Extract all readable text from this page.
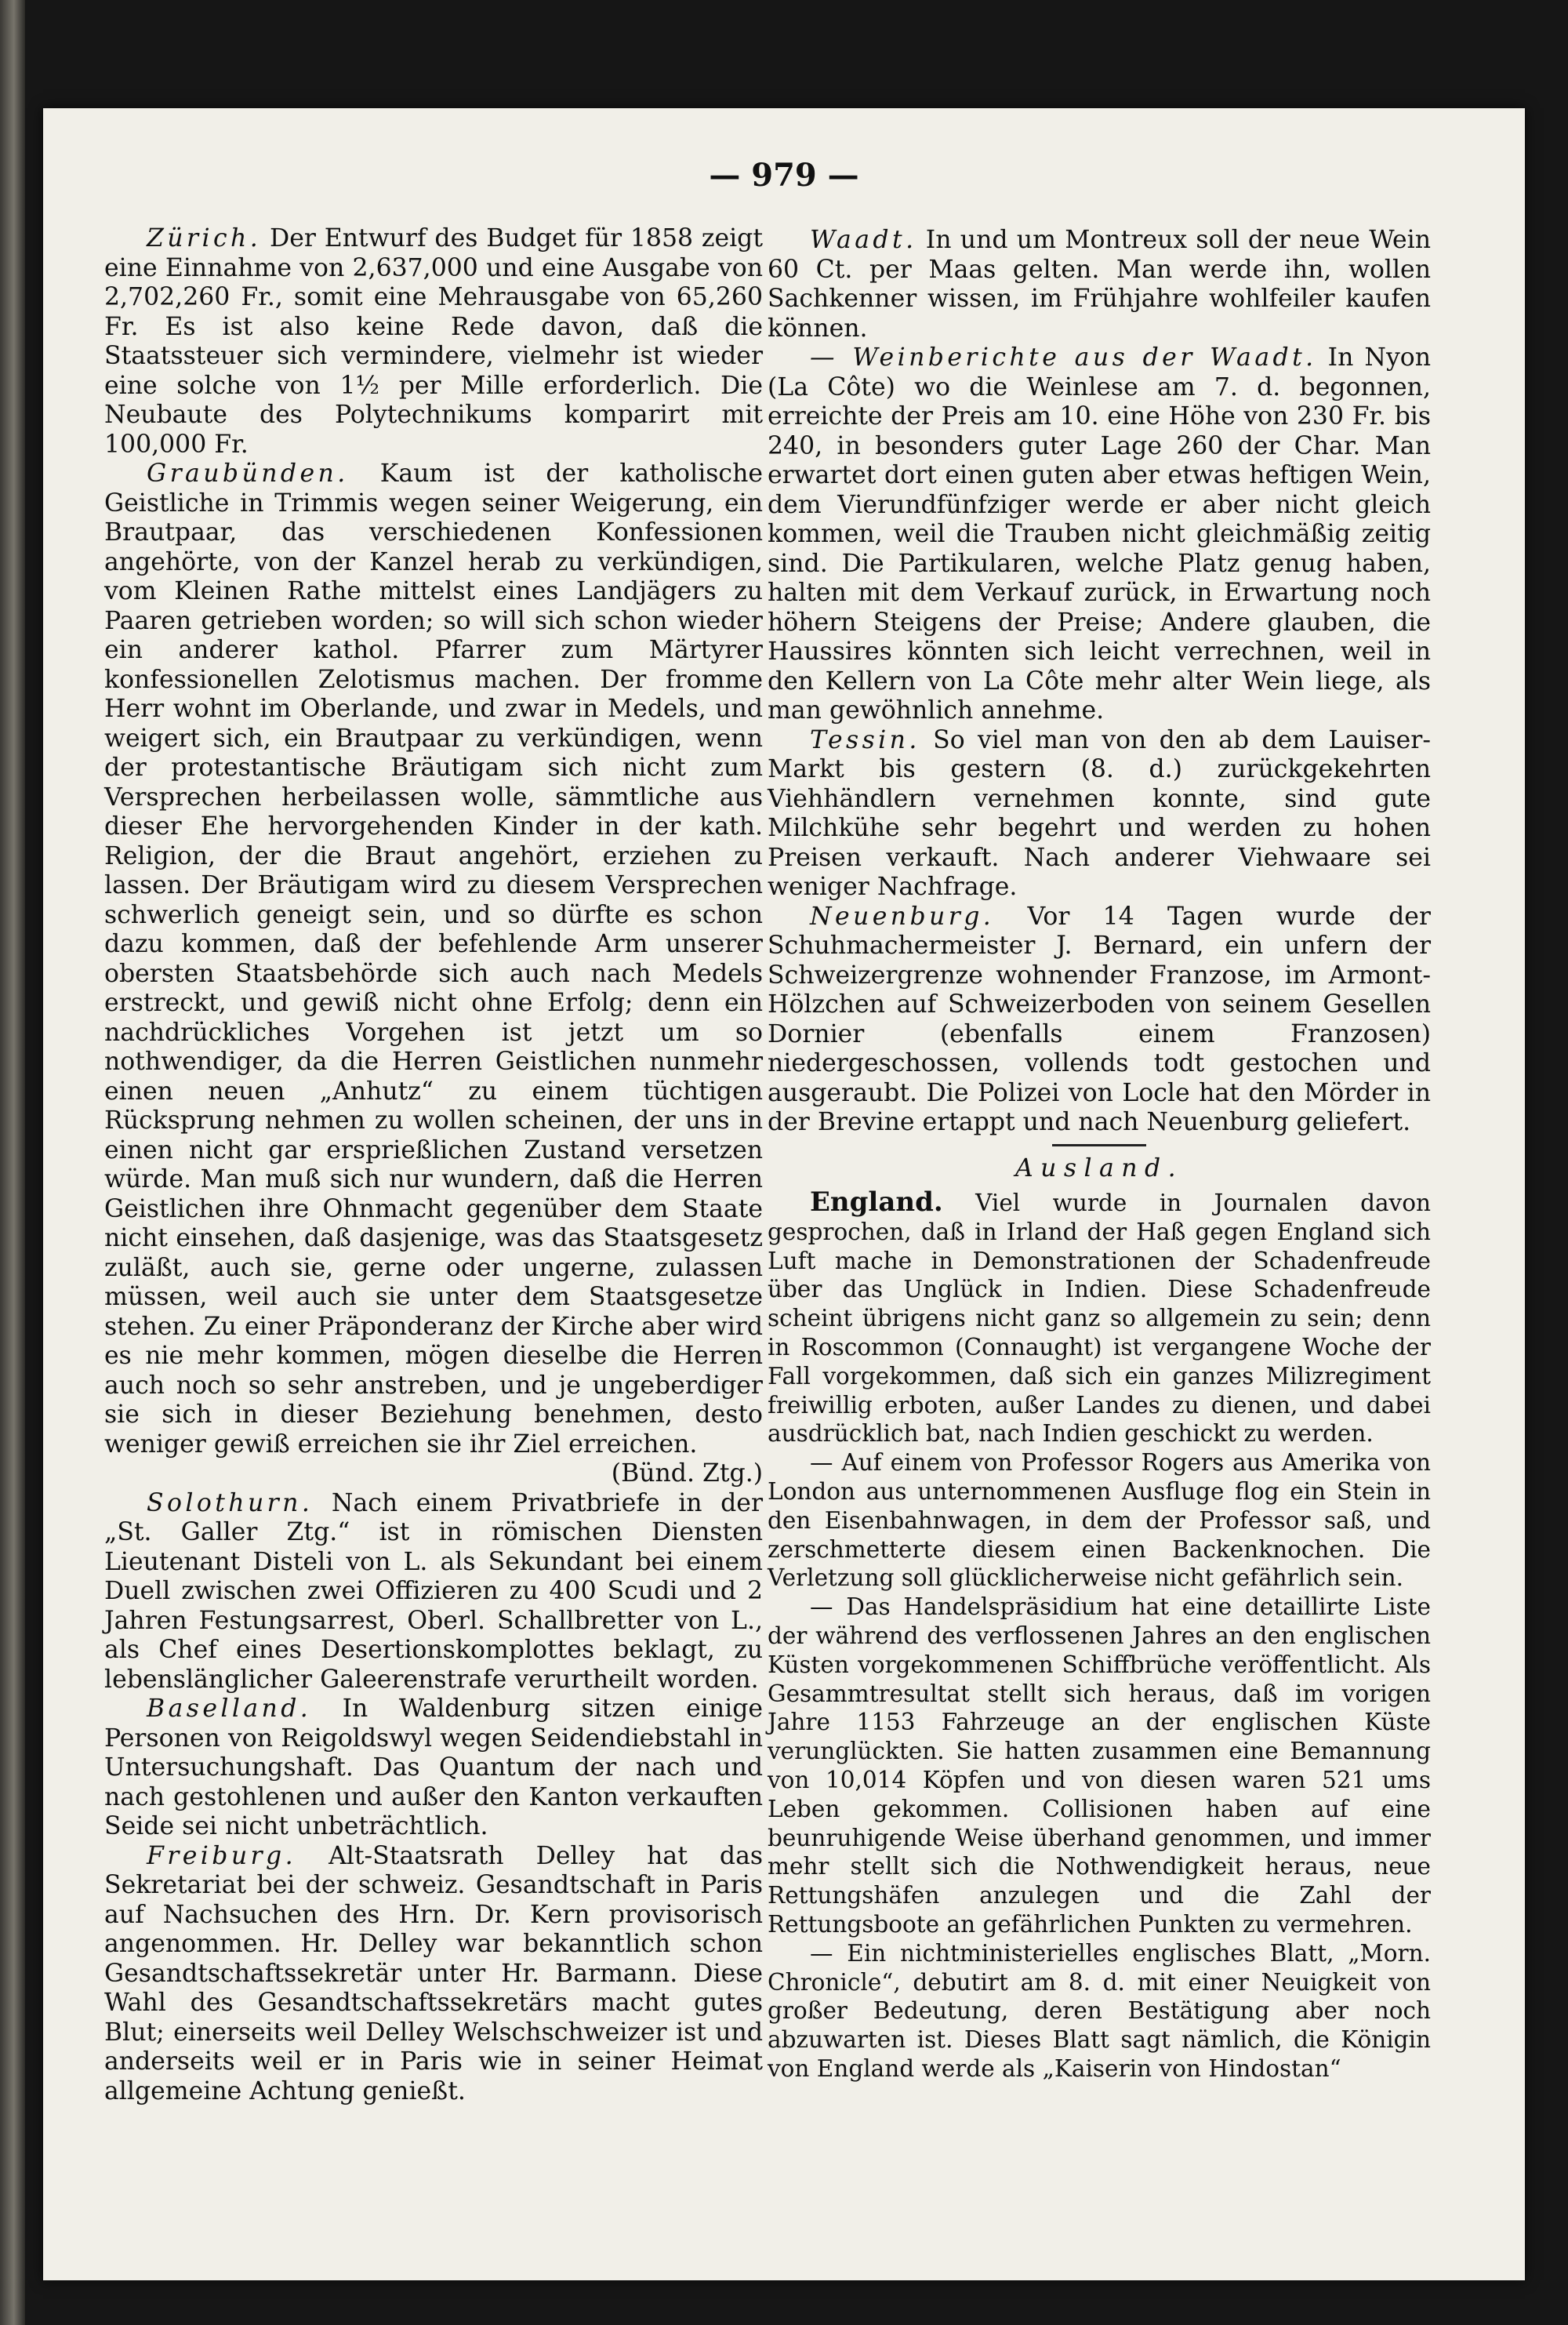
— 979 —

Zürich. Der Entwurf des Budget für 1858 zeigt eine Einnahme von 2,637,000 und eine Ausgabe von 2,702,260 Fr., somit eine Mehrausgabe von 65,260 Fr. Es ist also keine Rede davon, daß die Staatssteuer sich vermindere, vielmehr ist wieder eine solche von 1½ per Mille erforderlich. Die Neubaute des Polytechnikums komparirt mit 100,000 Fr.

Graubünden. Kaum ist der katholische Geistliche in Trimmis wegen seiner Weigerung, ein Brautpaar, das verschiedenen Konfessionen angehörte, von der Kanzel herab zu verkündigen, vom Kleinen Rathe mittelst eines Landjägers zu Paaren getrieben worden; so will sich schon wieder ein anderer kathol. Pfarrer zum Märtyrer konfessionellen Zelotismus machen. Der fromme Herr wohnt im Oberlande, und zwar in Medels, und weigert sich, ein Brautpaar zu verkündigen, wenn der protestantische Bräutigam sich nicht zum Versprechen herbeilassen wolle, sämmtliche aus dieser Ehe hervorgehenden Kinder in der kath. Religion, der die Braut angehört, erziehen zu lassen. Der Bräutigam wird zu diesem Versprechen schwerlich geneigt sein, und so dürfte es schon dazu kommen, daß der befehlende Arm unserer obersten Staatsbehörde sich auch nach Medels erstreckt, und gewiß nicht ohne Erfolg; denn ein nachdrückliches Vorgehen ist jetzt um so nothwendiger, da die Herren Geistlichen nunmehr einen neuen „Anhutz“ zu einem tüchtigen Rücksprung nehmen zu wollen scheinen, der uns in einen nicht gar ersprießlichen Zustand versetzen würde. Man muß sich nur wundern, daß die Herren Geistlichen ihre Ohnmacht gegenüber dem Staate nicht einsehen, daß dasjenige, was das Staatsgesetz zuläßt, auch sie, gerne oder ungerne, zulassen müssen, weil auch sie unter dem Staatsgesetze stehen. Zu einer Präponderanz der Kirche aber wird es nie mehr kommen, mögen dieselbe die Herren auch noch so sehr anstreben, und je ungeberdiger sie sich in dieser Beziehung benehmen, desto weniger gewiß erreichen sie ihr Ziel erreichen.

(Bünd. Ztg.)

Solothurn. Nach einem Privatbriefe in der „St. Galler Ztg.“ ist in römischen Diensten Lieutenant Disteli von L. als Sekundant bei einem Duell zwischen zwei Offizieren zu 400 Scudi und 2 Jahren Festungsarrest, Oberl. Schallbretter von L., als Chef eines Desertionskomplottes beklagt, zu lebenslänglicher Galeerenstrafe verurtheilt worden.

Baselland. In Waldenburg sitzen einige Personen von Reigoldswyl wegen Seidendiebstahl in Untersuchungshaft. Das Quantum der nach und nach gestohlenen und außer den Kanton verkauften Seide sei nicht unbeträchtlich.

Freiburg. Alt-Staatsrath Delley hat das Sekretariat bei der schweiz. Gesandtschaft in Paris auf Nachsuchen des Hrn. Dr. Kern provisorisch angenommen. Hr. Delley war bekanntlich schon Gesandtschaftssekretär unter Hr. Barmann. Diese Wahl des Gesandtschaftssekretärs macht gutes Blut; einerseits weil Delley Welschschweizer ist und anderseits weil er in Paris wie in seiner Heimat allgemeine Achtung genießt.

Waadt. In und um Montreux soll der neue Wein 60 Ct. per Maas gelten. Man werde ihn, wollen Sachkenner wissen, im Frühjahre wohlfeiler kaufen können.

— Weinberichte aus der Waadt. In Nyon (La Côte) wo die Weinlese am 7. d. begonnen, erreichte der Preis am 10. eine Höhe von 230 Fr. bis 240, in besonders guter Lage 260 der Char. Man erwartet dort einen guten aber etwas heftigen Wein, dem Vierundfünfziger werde er aber nicht gleich kommen, weil die Trauben nicht gleichmäßig zeitig sind. Die Partikularen, welche Platz genug haben, halten mit dem Verkauf zurück, in Erwartung noch höhern Steigens der Preise; Andere glauben, die Haussires könnten sich leicht verrechnen, weil in den Kellern von La Côte mehr alter Wein liege, als man gewöhnlich annehme.

Tessin. So viel man von den ab dem Lauiser-Markt bis gestern (8. d.) zurückgekehrten Viehhändlern vernehmen konnte, sind gute Milchkühe sehr begehrt und werden zu hohen Preisen verkauft. Nach anderer Viehwaare sei weniger Nachfrage.

Neuenburg. Vor 14 Tagen wurde der Schuhmachermeister J. Bernard, ein unfern der Schweizergrenze wohnender Franzose, im Armont-Hölzchen auf Schweizerboden von seinem Gesellen Dornier (ebenfalls einem Franzosen) niedergeschossen, vollends todt gestochen und ausgeraubt. Die Polizei von Locle hat den Mörder in der Brevine ertappt und nach Neuenburg geliefert.

Ausland.

England. Viel wurde in Journalen davon gesprochen, daß in Irland der Haß gegen England sich Luft mache in Demonstrationen der Schadenfreude über das Unglück in Indien. Diese Schadenfreude scheint übrigens nicht ganz so allgemein zu sein; denn in Roscommon (Connaught) ist vergangene Woche der Fall vorgekommen, daß sich ein ganzes Milizregiment freiwillig erboten, außer Landes zu dienen, und dabei ausdrücklich bat, nach Indien geschickt zu werden.

— Auf einem von Professor Rogers aus Amerika von London aus unternommenen Ausfluge flog ein Stein in den Eisenbahnwagen, in dem der Professor saß, und zerschmetterte diesem einen Backenknochen. Die Verletzung soll glücklicherweise nicht gefährlich sein.

— Das Handelspräsidium hat eine detaillirte Liste der während des verflossenen Jahres an den englischen Küsten vorgekommenen Schiffbrüche veröffentlicht. Als Gesammtresultat stellt sich heraus, daß im vorigen Jahre 1153 Fahrzeuge an der englischen Küste verunglückten. Sie hatten zusammen eine Bemannung von 10,014 Köpfen und von diesen waren 521 ums Leben gekommen. Collisionen haben auf eine beunruhigende Weise überhand genommen, und immer mehr stellt sich die Nothwendigkeit heraus, neue Rettungshäfen anzulegen und die Zahl der Rettungsboote an gefährlichen Punkten zu vermehren.

— Ein nichtministerielles englisches Blatt, „Morn. Chronicle“, debutirt am 8. d. mit einer Neuigkeit von großer Bedeutung, deren Bestätigung aber noch abzuwarten ist. Dieses Blatt sagt nämlich, die Königin von England werde als „Kaiserin von Hindostan“
